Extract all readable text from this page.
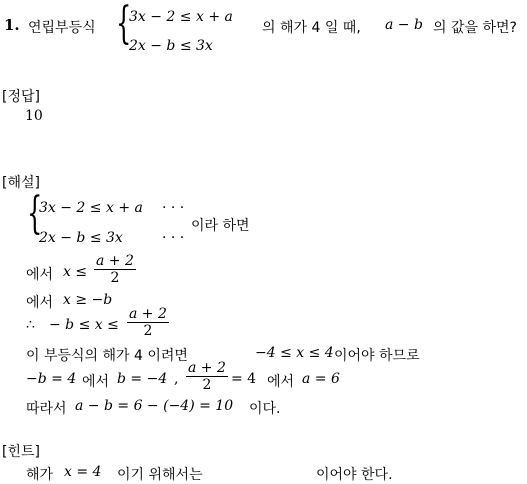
1. 연립부등식 {
3x − 2 ≤ x + a
2x − b ≤ 3x
의 해가 4 일 때, a − b 의 값을 하면?
[정답]
10
[해설]
{
3x − 2 ≤ x + a · · ·
2x − b ≤ 3x	· · ·
이라 하면
에서 x ≤
a + 2
2
에서 x ≥ −b
∴ − b ≤ x ≤
a + 2
2
이 부등식의 해가 4 이려면	−4 ≤ x ≤ 4 이어야 하므로
−b = 4 에서 b = −4 ,
a + 2
2	= 4 에서 a = 6
따라서 a − b = 6 − (−4) = 10 이다.
[힌트]
해가 x = 4 이기 위해서는	이어야 한다.
